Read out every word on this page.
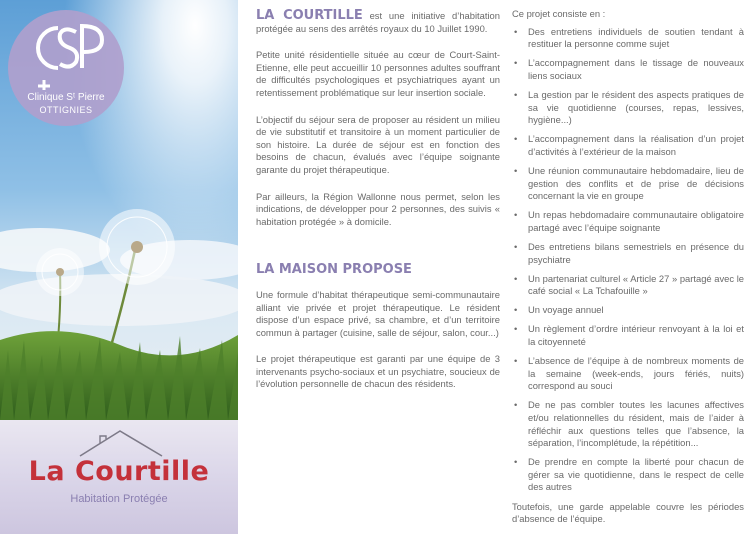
Clinique Sᵗ Pierre
OTTIGNIES
La Courtille
Habitation Protégée

LA COURTILLE est une initiative d’habitation protégée au sens des arrêtés royaux du 10 Juillet 1990.

Petite unité résidentielle située au cœur de Court-Saint-Etienne, elle peut accueillir 10 personnes adultes souffrant de difficultés psychologiques et psychiatriques ayant un retentissement problématique sur leur insertion sociale.

L’objectif du séjour sera de proposer au résident un milieu de vie substitutif et transitoire à un moment particulier de son histoire. La durée de séjour est en fonction des besoins de chacun, évalués avec l’équipe soignante garante du projet thérapeutique.

Par ailleurs, la Région Wallonne nous permet, selon les indications, de développer pour 2 personnes, des suivis « habitation protégée » à domicile.

LA MAISON PROPOSE

Une formule d’habitat thérapeutique semi-communautaire alliant vie privée et projet thérapeutique. Le résident dispose d’un espace privé, sa chambre, et d’un territoire commun à partager (cuisine, salle de séjour, salon, cour...)

Le projet thérapeutique est garanti par une équipe de 3 intervenants psycho-sociaux et un psychiatre, soucieux de l’évolution personnelle de chacun des résidents.

Ce projet consiste en :

• Des entretiens individuels de soutien tendant à restituer la personne comme sujet
• L’accompagnement dans le tissage de nouveaux liens sociaux
• La gestion par le résident des aspects pratiques de sa vie quotidienne (courses, repas, lessives, hygiène...)
• L’accompagnement dans la réalisation d’un projet d’activités à l’extérieur de la maison
• Une réunion communautaire hebdomadaire, lieu de gestion des conflits et de prise de décisions concernant la vie en groupe
• Un repas hebdomadaire communautaire obligatoire partagé avec l’équipe soignante
• Des entretiens bilans semestriels en présence du psychiatre
• Un partenariat culturel « Article 27 » partagé avec le café social « La Tchafouille »
• Un voyage annuel
• Un règlement d’ordre intérieur renvoyant à la loi et la citoyenneté
• L’absence de l’équipe à de nombreux moments de la semaine (week-ends, jours fériés, nuits) correspond au souci
• De ne pas combler toutes les lacunes affectives et/ou relationnelles du résident, mais de l’aider à réfléchir aux questions telles que l’absence, la séparation, l’incomplétude, la répétition...
• De prendre en compte la liberté pour chacun de gérer sa vie quotidienne, dans le respect de celle des autres

Toutefois, une garde appelable couvre les périodes d’absence de l’équipe.
